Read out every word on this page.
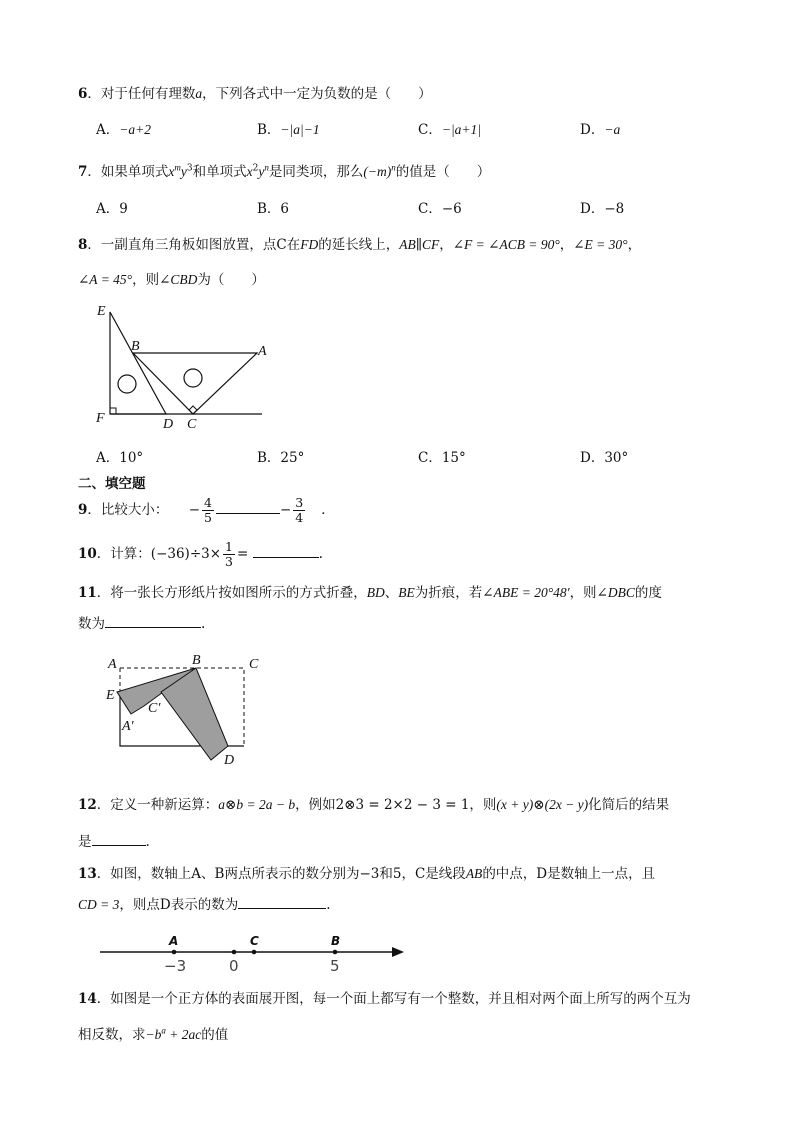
6．对于任何有理数a，下列各式中一定为负数的是（　　）
A．−a+2	B．−|a|−1	C．−|a+1|	D．−a
7．如果单项式$x^my^3$和单项式$x^2y^n$是同类项，那么$(-m)^n$的值是（　　）
A．9	B．6	C．−6	D．−8
8．一副直角三角板如图放置，点C在FD的延长线上，AB∥CF，∠F = ∠ACB = 90°，∠E = 30°，
∠A = 45°，则∠CBD为（　　）
E
B	A
F	D C
A．10°	B．25°	C．15°	D．30°
二、填空题
9．比较大小： − $\frac{4}{5}$	− $\frac{3}{4}$ ．
10．计算：$(-36)\div 3\times \frac{1}{3}$ =	.
11．将一张长方形纸片按如图所示的方式折叠，BD、BE为折痕，若∠ABE = 20°48′，则∠DBC的度
数为	.
A	B	C
E
A′
C′
D
12．定义一种新运算：a⊗b = 2a − b，例如2⊗3 = 2×2 − 3 = 1，则(x + y)⊗(2x − y)化简后的结果
是	.
13．如图，数轴上A、B两点所表示的数分别为−3和5，C是线段AB的中点，D是数轴上一点，且
CD = 3，则点D表示的数为	.
A	C	B
−3	0	5
14．如图是一个正方体的表面展开图，每一个面上都写有一个整数，并且相对两个面上所写的两个互为
相反数，求$-b^a + 2ac$的值
